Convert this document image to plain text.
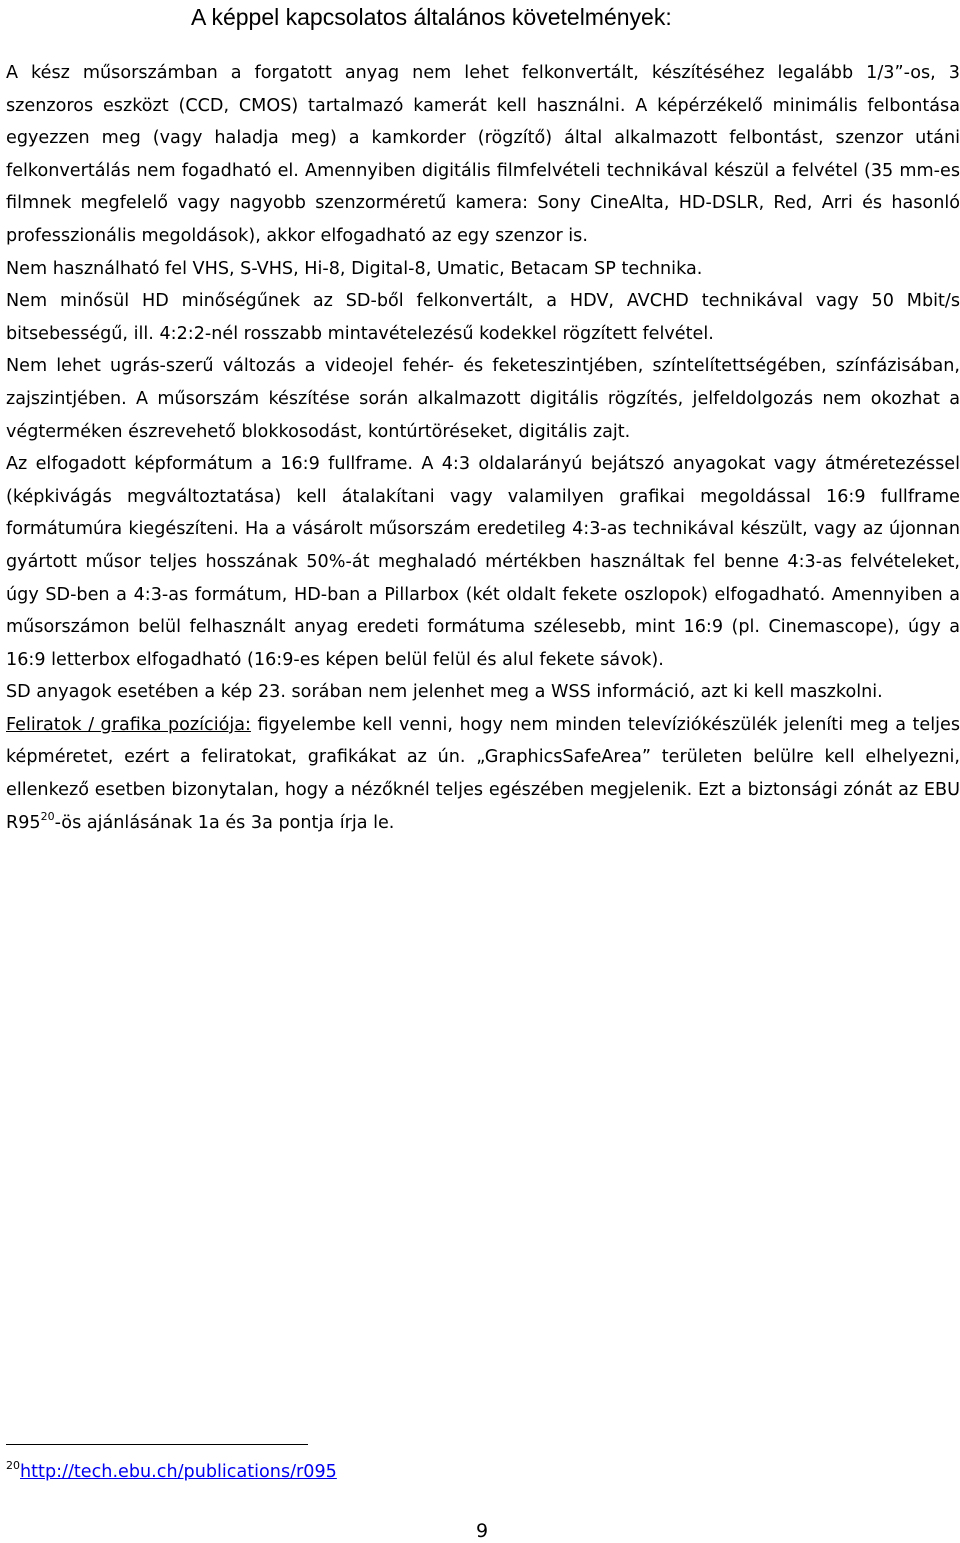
A képpel kapcsolatos általános követelmények:

A kész műsorszámban a forgatott anyag nem lehet felkonvertált, készítéséhez legalább 1/3”-os, 3 szenzoros eszközt (CCD, CMOS) tartalmazó kamerát kell használni. A képérzékelő minimális felbontása egyezzen meg (vagy haladja meg) a kamkorder (rögzítő) által alkalmazott felbontást, szenzor utáni felkonvertálás nem fogadható el. Amennyiben digitális filmfelvételi technikával készül a felvétel (35 mm-es filmnek megfelelő vagy nagyobb szenzorméretű kamera: Sony CineAlta, HD-DSLR, Red, Arri és hasonló professzionális megoldások), akkor elfogadható az egy szenzor is.

Nem használható fel VHS, S-VHS, Hi-8, Digital-8, Umatic, Betacam SP technika.

Nem minősül HD minőségűnek az SD-ből felkonvertált, a HDV, AVCHD technikával vagy 50 Mbit/s bitsebességű, ill. 4:2:2-nél rosszabb mintavételezésű kodekkel rögzített felvétel.

Nem lehet ugrás-szerű változás a videojel fehér- és feketeszintjében, színtelítettségében, színfázisában, zajszintjében. A műsorszám készítése során alkalmazott digitális rögzítés, jelfeldolgozás nem okozhat a végterméken észrevehető blokkosodást, kontúrtöréseket, digitális zajt.

Az elfogadott képformátum a 16:9 fullframe. A 4:3 oldalarányú bejátszó anyagokat vagy átméretezéssel (képkivágás megváltoztatása) kell átalakítani vagy valamilyen grafikai megoldással 16:9 fullframe formátumúra kiegészíteni. Ha a vásárolt műsorszám eredetileg 4:3-as technikával készült, vagy az újonnan gyártott műsor teljes hosszának 50%-át meghaladó mértékben használtak fel benne 4:3-as felvételeket, úgy SD-ben a 4:3-as formátum, HD-ban a Pillarbox (két oldalt fekete oszlopok) elfogadható. Amennyiben a műsorszámon belül felhasznált anyag eredeti formátuma szélesebb, mint 16:9 (pl. Cinemascope), úgy a 16:9 letterbox elfogadható (16:9-es képen belül felül és alul fekete sávok).

SD anyagok esetében a kép 23. sorában nem jelenhet meg a WSS információ, azt ki kell maszkolni.

Feliratok / grafika pozíciója: figyelembe kell venni, hogy nem minden televíziókészülék jeleníti meg a teljes képméretet, ezért a feliratokat, grafikákat az ún. „GraphicsSafeArea” területen belülre kell elhelyezni, ellenkező esetben bizonytalan, hogy a nézőknél teljes egészében megjelenik. Ezt a biztonsági zónát az EBU $R95^{20}-ös$ ajánlásának 1a és 3a pontja írja le.

$^{20}$http://tech.ebu.ch/publications/r095
9
